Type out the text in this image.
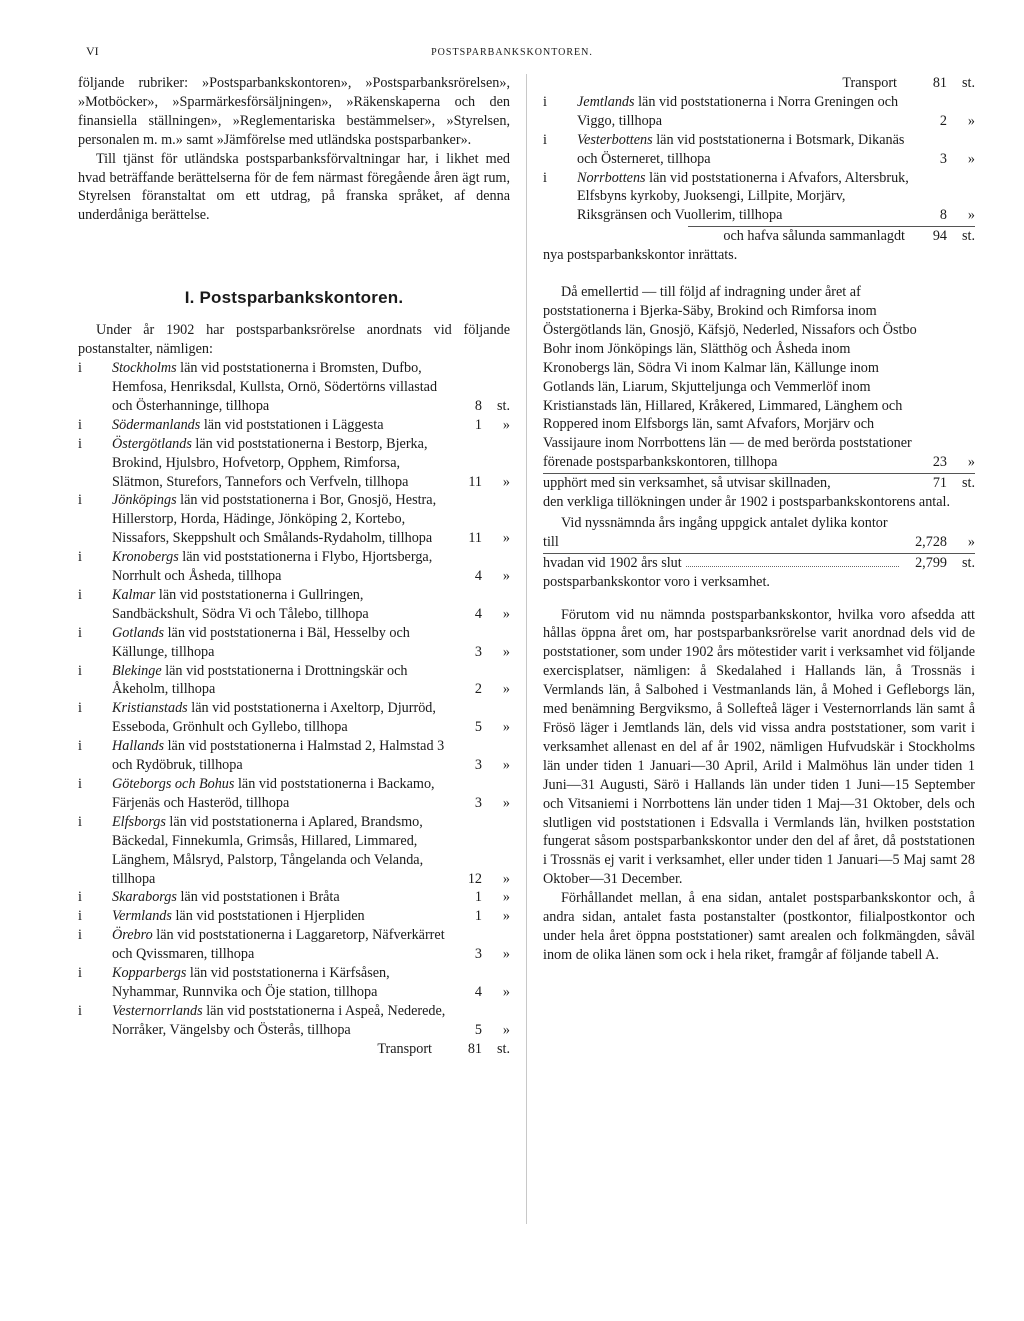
VI	POSTSPARBANKSKONTOREN.

följande rubriker: »Postsparbankskontoren», »Postsparbanksrörelsen», »Motböcker», »Sparmärkesförsäljningen», »Räkenskaperna och den finansiella ställningen», »Reglementariska bestämmelser», »Styrelsen, personalen m. m.» samt »Jämförelse med utländska postsparbanker».

Till tjänst för utländska postsparbanksförvaltningar har, i likhet med hvad beträffande berättelserna för de fem närmast föregående åren ägt rum, Styrelsen föranstaltat om ett utdrag, på franska språket, af denna underdåniga berättelse.

I. Postsparbankskontoren.

Under år 1902 har postsparbanksrörelse anordnats vid följande postanstalter, nämligen:

i Stockholms län vid poststationerna i Bromsten, Dufbo, Hemfosa, Henriksdal, Kullsta, Ornö, Södertörns villastad och Österhanninge, tillhopa	8	st.
i Södermanlands län vid poststationen i Läggesta	1	»
i Östergötlands län vid poststationerna i Bestorp, Bjerka, Brokind, Hjulsbro, Hofvetorp, Opphem, Rimforsa, Slätmon, Sturefors, Tannefors och Verfveln, tillhopa	11	»
i Jönköpings län vid poststationerna i Bor, Gnosjö, Hestra, Hillerstorp, Horda, Hädinge, Jönköping 2, Kortebo, Nissafors, Skeppshult och Smålands-Rydaholm, tillhopa	11	»
i Kronobergs län vid poststationerna i Flybo, Hjortsberga, Norrhult och Åsheda, tillhopa	4	»
i Kalmar län vid poststationerna i Gullringen, Sandbäckshult, Södra Vi och Tålebo, tillhopa	4	»
i Gotlands län vid poststationerna i Bäl, Hesselby och Källunge, tillhopa	3	»
i Blekinge län vid poststationerna i Drottningskär och Åkeholm, tillhopa	2	»
i Kristianstads län vid poststationerna i Axeltorp, Djurröd, Esseboda, Grönhult och Gyllebo, tillhopa	5	»
i Hallands län vid poststationerna i Halmstad 2, Halmstad 3 och Rydöbruk, tillhopa	3	»
i Göteborgs och Bohus län vid poststationerna i Backamo, Färjenäs och Hasteröd, tillhopa	3	»
i Elfsborgs län vid poststationerna i Aplared, Brandsmo, Bäckedal, Finnekumla, Grimsås, Hillared, Limmared, Länghem, Målsryd, Palstorp, Tångelanda och Velanda, tillhopa	12	»
i Skaraborgs län vid poststationen i Bråta	1	»
i Vermlands län vid poststationen i Hjerpliden	1	»
i Örebro län vid poststationerna i Laggaretorp, Näfverkärret och Qvissmaren, tillhopa	3	»
i Kopparbergs län vid poststationerna i Kärfsåsen, Nyhammar, Runnvika och Öje station, tillhopa	4	»
i Vesternorrlands län vid poststationerna i Aspeå, Nederede, Norråker, Vängelsby och Österås, tillhopa	5	»
Transport	81	st.
Transport	81	st.
i Jemtlands län vid poststationerna i Norra Greningen och Viggo, tillhopa	2	»
i Vesterbottens län vid poststationerna i Botsmark, Dikanäs och Österneret, tillhopa	3	»
i Norrbottens län vid poststationerna i Afvafors, Altersbruk, Elfsbyns kyrkoby, Juoksengi, Lillpite, Morjärv, Riksgränsen och Vuollerim, tillhopa	8	»
och hafva sålunda sammanlagdt	94	st.

nya postsparbankskontor inrättats.

Då emellertid — till följd af indragning under året af poststationerna i Bjerka-Säby, Brokind och Rimforsa inom Östergötlands län, Gnosjö, Käfsjö, Nederled, Nissafors och Östbo Bohr inom Jönköpings län, Slätthög och Åsheda inom Kronobergs län, Södra Vi inom Kalmar län, Källunge inom Gotlands län, Liarum, Skjutteljunga och Vemmerlöf inom Kristianstads län, Hillared, Kråkered, Limmared, Länghem och Roppered inom Elfsborgs län, samt Afvafors, Morjärv och Vassijaure inom Norrbottens län — de med berörda poststationer förenade postsparbankskontoren, tillhopa	23	»
upphört med sin verksamhet, så utvisar skillnaden,	71	st.

den verkliga tillökningen under år 1902 i postsparbankskontorens antal.

Vid nyssnämnda års ingång uppgick antalet dylika kontor till	2,728	»
hvadan vid 1902 års slut	2,799	st.

postsparbankskontor voro i verksamhet.

Förutom vid nu nämnda postsparbankskontor, hvilka voro afsedda att hållas öppna året om, har postsparbanksrörelse varit anordnad dels vid de poststationer, som under 1902 års mötestider varit i verksamhet vid följande exercisplatser, nämligen: å Skedalahed i Hallands län, å Trossnäs i Vermlands län, å Salbohed i Vestmanlands län, å Mohed i Gefleborgs län, med benämning Bergviksmo, å Sollefteå läger i Vesternorrlands län samt å Frösö läger i Jemtlands län, dels vid vissa andra poststationer, som varit i verksamhet allenast en del af år 1902, nämligen Hufvudskär i Stockholms län under tiden 1 Januari—30 April, Arild i Malmöhus län under tiden 1 Juni—31 Augusti, Särö i Hallands län under tiden 1 Juni—15 September och Vitsaniemi i Norrbottens län under tiden 1 Maj—31 Oktober, dels och slutligen vid poststationen i Edsvalla i Vermlands län, hvilken poststation fungerat såsom postsparbankskontor under den del af året, då poststationen i Trossnäs ej varit i verksamhet, eller under tiden 1 Januari—5 Maj samt 28 Oktober—31 December.

Förhållandet mellan, å ena sidan, antalet postsparbankskontor och, å andra sidan, antalet fasta postanstalter (postkontor, filialpostkontor och under hela året öppna poststationer) samt arealen och folkmängden, såväl inom de olika länen som ock i hela riket, framgår af följande tabell A.
